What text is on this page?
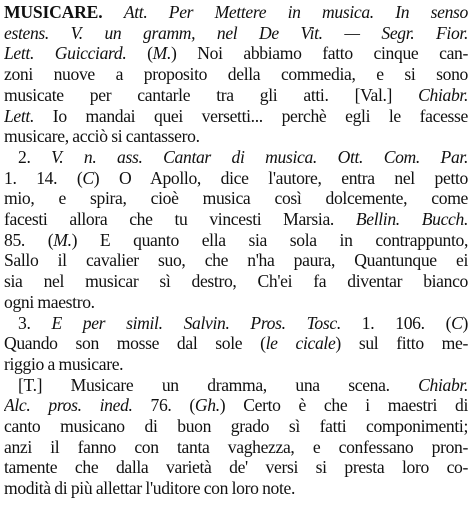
MUSICARE. Att. Per Mettere in musica. In senso
estens. V. un gramm, nel De Vit. — Segr. Fior.
Lett. Guicciard. (M.) Noi abbiamo fatto cinque can-
zoni nuove a proposito della commedia, e si sono
musicate per cantarle tra gli atti. [Val.] Chiabr.
Lett. Io mandai quei versetti... perchè egli le facesse
musicare, acciò si cantassero.
2. V. n. ass. Cantar di musica. Ott. Com. Par.
1. 14. (C) O Apollo, dice l'autore, entra nel petto
mio, e spira, cioè musica così dolcemente, come
facesti allora che tu vincesti Marsia. Bellin. Bucch.
85. (M.) E quanto ella sia sola in contrappunto,
Sallo il cavalier suo, che n'ha paura, Quantunque ei
sia nel musicar sì destro, Ch'ei fa diventar bianco
ogni maestro.
3. E per simil. Salvin. Pros. Tosc. 1. 106. (C)
Quando son mosse dal sole (le cicale) sul fitto me-
riggio a musicare.
[T.] Musicare un dramma, una scena. Chiabr.
Alc. pros. ined. 76. (Gh.) Certo è che i maestri di
canto musicano di buon grado sì fatti componimenti;
anzi il fanno con tanta vaghezza, e confessano pron-
tamente che dalla varietà de' versi si presta loro co-
modità di più allettar l'uditore con loro note.
